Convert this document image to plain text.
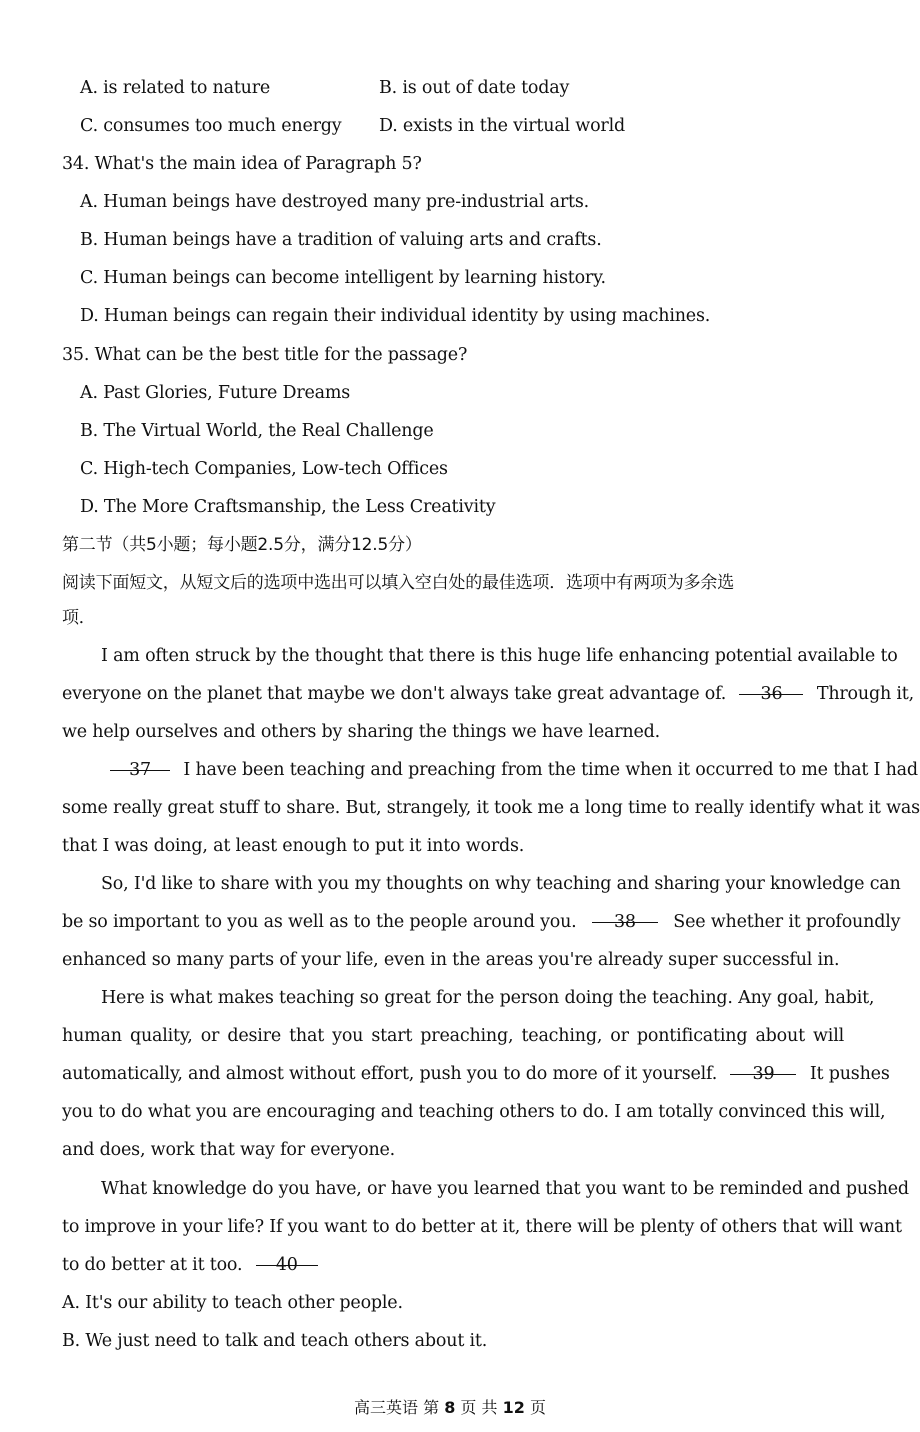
A. is related to nature	B. is out of date today
C. consumes too much energy D. exists in the virtual world
34. What's the main idea of Paragraph 5?
A. Human beings have destroyed many pre-industrial arts.
B. Human beings have a tradition of valuing arts and crafts.
C. Human beings can become intelligent by learning history.
D. Human beings can regain their individual identity by using machines.
35. What can be the best title for the passage?
A. Past Glories, Future Dreams
B. The Virtual World, the Real Challenge
C. High-tech Companies, Low-tech Offices
D. The More Craftsmanship, the Less Creativity
第二节（共5小题；每小题2.5分，满分12.5分）
阅读下面短文，从短文后的选项中选出可以填入空白处的最佳选项．选项中有两项为多余选
项．
I am often struck by the thought that there is this huge life enhancing potential available to
everyone on the planet that maybe we don't always take great advantage of. 36 Through it,
we help ourselves and others by sharing the things we have learned.
37 I have been teaching and preaching from the time when it occurred to me that I had
some really great stuff to share. But, strangely, it took me a long time to really identify what it was
that I was doing, at least enough to put it into words.
So, I'd like to share with you my thoughts on why teaching and sharing your knowledge can
be so important to you as well as to the people around you. 38 See whether it profoundly
enhanced so many parts of your life, even in the areas you're already super successful in.
Here is what makes teaching so great for the person doing the teaching. Any goal, habit,
human quality, or desire that you start preaching, teaching, or pontificating about will
automatically, and almost without effort, push you to do more of it yourself. 39 It pushes
you to do what you are encouraging and teaching others to do. I am totally convinced this will,
and does, work that way for everyone.
What knowledge do you have, or have you learned that you want to be reminded and pushed
to improve in your life? If you want to do better at it, there will be plenty of others that will want
to do better at it too. 40
A. It's our ability to teach other people.
B. We just need to talk and teach others about it.
高三英语 第 8 页 共 12 页
